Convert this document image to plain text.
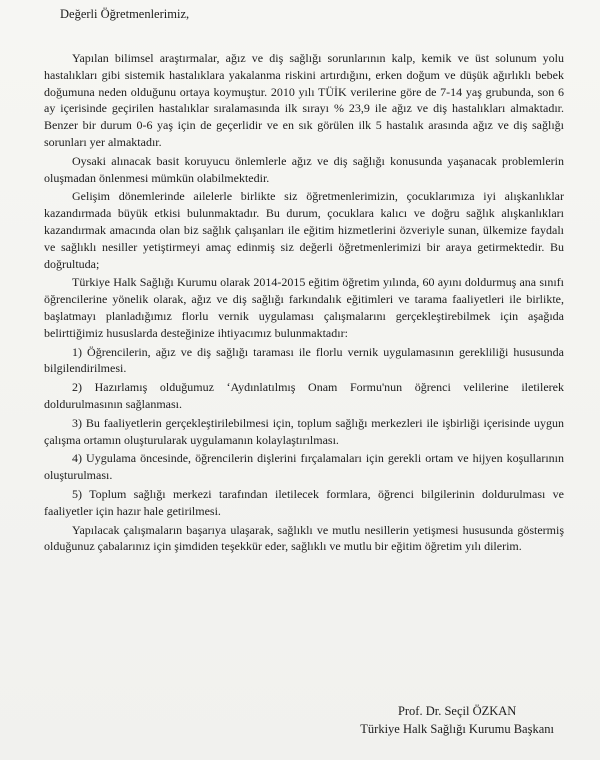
Değerli Öğretmenlerimiz,

Yapılan bilimsel araştırmalar, ağız ve diş sağlığı sorunlarının kalp, kemik ve üst solunum yolu hastalıkları gibi sistemik hastalıklara yakalanma riskini artırdığını, erken doğum ve düşük ağırlıklı bebek doğumuna neden olduğunu ortaya koymuştur. 2010 yılı TÜİK verilerine göre de 7-14 yaş grubunda, son 6 ay içerisinde geçirilen hastalıklar sıralamasında ilk sırayı % 23,9 ile ağız ve diş hastalıkları almaktadır. Benzer bir durum 0-6 yaş için de geçerlidir ve en sık görülen ilk 5 hastalık arasında ağız ve diş sağlığı sorunları yer almaktadır.

Oysaki alınacak basit koruyucu önlemlerle ağız ve diş sağlığı konusunda yaşanacak problemlerin oluşmadan önlenmesi mümkün olabilmektedir.

Gelişim dönemlerinde ailelerle birlikte siz öğretmenlerimizin, çocuklarımıza iyi alışkanlıklar kazandırmada büyük etkisi bulunmaktadır. Bu durum, çocuklara kalıcı ve doğru sağlık alışkanlıkları kazandırmak amacında olan biz sağlık çalışanları ile eğitim hizmetlerini özveriyle sunan, ülkemize faydalı ve sağlıklı nesiller yetiştirmeyi amaç edinmiş siz değerli öğretmenlerimizi bir araya getirmektedir. Bu doğrultuda;

Türkiye Halk Sağlığı Kurumu olarak 2014-2015 eğitim öğretim yılında, 60 ayını doldurmuş ana sınıfı öğrencilerine yönelik olarak, ağız ve diş sağlığı farkındalık eğitimleri ve tarama faaliyetleri ile birlikte, başlatmayı planladığımız florlu vernik uygulaması çalışmalarını gerçekleştirebilmek için aşağıda belirttiğimiz hususlarda desteğinize ihtiyacımız bulunmaktadır:

1) Öğrencilerin, ağız ve diş sağlığı taraması ile florlu vernik uygulamasının gerekliliği hususunda bilgilendirilmesi.

2) Hazırlamış olduğumuz ‘Aydınlatılmış Onam Formu'nun öğrenci velilerine iletilerek doldurulmasının sağlanması.

3) Bu faaliyetlerin gerçekleştirilebilmesi için, toplum sağlığı merkezleri ile işbirliği içerisinde uygun çalışma ortamın oluşturularak uygulamanın kolaylaştırılması.

4) Uygulama öncesinde, öğrencilerin dişlerini fırçalamaları için gerekli ortam ve hijyen koşullarının oluşturulması.

5) Toplum sağlığı merkezi tarafından iletilecek formlara, öğrenci bilgilerinin doldurulması ve faaliyetler için hazır hale getirilmesi.

Yapılacak çalışmaların başarıya ulaşarak, sağlıklı ve mutlu nesillerin yetişmesi hususunda göstermiş olduğunuz çabalarınız için şimdiden teşekkür eder, sağlıklı ve mutlu bir eğitim öğretim yılı dilerim.

Prof. Dr. Seçil ÖZKAN
Türkiye Halk Sağlığı Kurumu Başkanı
